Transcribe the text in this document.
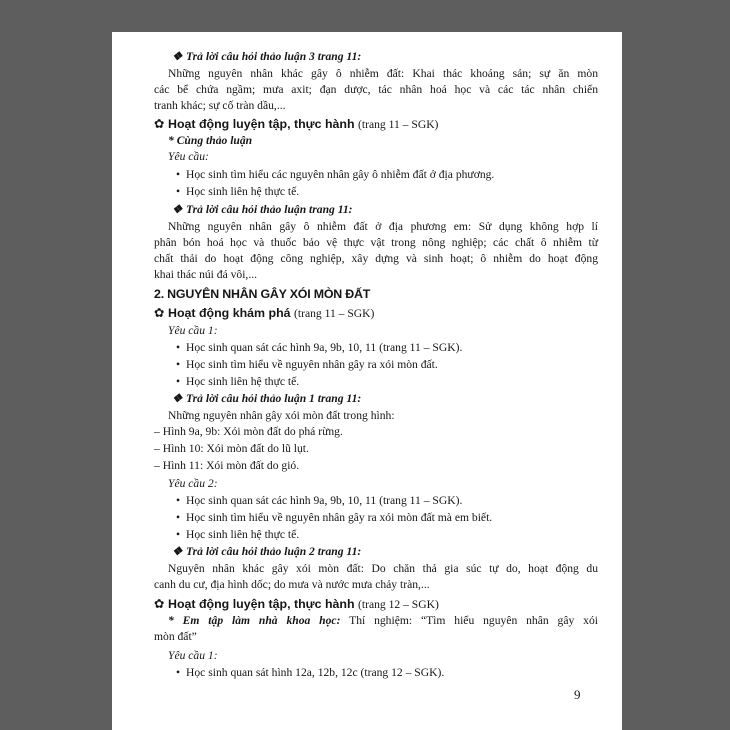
❖ Trả lời câu hỏi thảo luận 3 trang 11:
Những nguyên nhân khác gây ô nhiễm đất: Khai thác khoáng sản; sự ăn mòn
các bể chứa ngầm; mưa axit; đạn dược, tác nhân hoá học và các tác nhân chiến
tranh khác; sự cố tràn dầu,...
✿ Hoạt động luyện tập, thực hành (trang 11 – SGK)
* Cùng thảo luận
Yêu cầu:
• Học sinh tìm hiểu các nguyên nhân gây ô nhiễm đất ở địa phương.
• Học sinh liên hệ thực tế.
❖ Trả lời câu hỏi thảo luận trang 11:
Những nguyên nhân gây ô nhiễm đất ở địa phương em: Sử dụng không hợp lí
phân bón hoá học và thuốc bảo vệ thực vật trong nông nghiệp; các chất ô nhiễm từ
chất thải do hoạt động công nghiệp, xây dựng và sinh hoạt; ô nhiễm do hoạt động
khai thác núi đá vôi,...
2. NGUYÊN NHÂN GÂY XÓI MÒN ĐẤT
✿ Hoạt động khám phá (trang 11 – SGK)
Yêu cầu 1:
• Học sinh quan sát các hình 9a, 9b, 10, 11 (trang 11 – SGK).
• Học sinh tìm hiểu về nguyên nhân gây ra xói mòn đất.
• Học sinh liên hệ thực tế.
❖ Trả lời câu hỏi thảo luận 1 trang 11:
Những nguyên nhân gây xói mòn đất trong hình:
– Hình 9a, 9b: Xói mòn đất do phá rừng.
– Hình 10: Xói mòn đất do lũ lụt.
– Hình 11: Xói mòn đất do gió.
Yêu cầu 2:
• Học sinh quan sát các hình 9a, 9b, 10, 11 (trang 11 – SGK).
• Học sinh tìm hiểu về nguyên nhân gây ra xói mòn đất mà em biết.
• Học sinh liên hệ thực tế.
❖ Trả lời câu hỏi thảo luận 2 trang 11:
Nguyên nhân khác gây xói mòn đất: Do chăn thả gia súc tự do, hoạt động du
canh du cư, địa hình dốc; do mưa và nước mưa chảy tràn,...
✿ Hoạt động luyện tập, thực hành (trang 12 – SGK)
* Em tập làm nhà khoa học: Thí nghiệm: “Tìm hiểu nguyên nhân gây xói
mòn đất”
Yêu cầu 1:
• Học sinh quan sát hình 12a, 12b, 12c (trang 12 – SGK).
9
